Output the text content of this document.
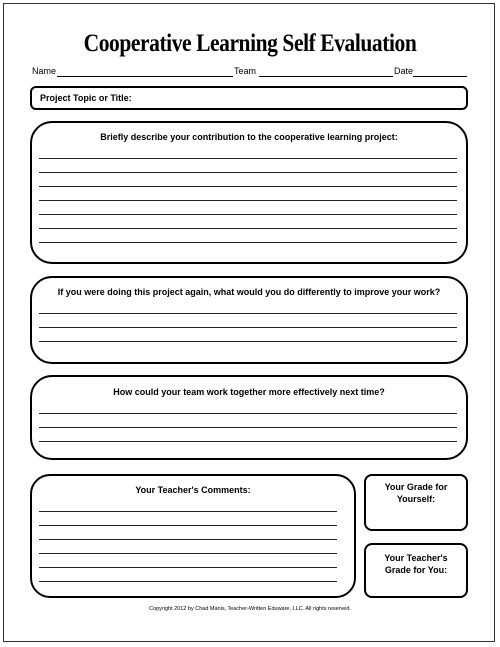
Cooperative Learning Self Evaluation
Name	Team	Date
Project Topic or Title:
Briefly describe your contribution to the cooperative learning project:
If you were doing this project again, what would you do differently to improve your work?
How could your team work together more effectively next time?
Your Teacher's Comments:	Your Grade for
Yourself:
Your Teacher's
Grade for You:
Copyright 2012 by Chad Manis, Teacher-Written Eduware, LLC. All rights reserved.
